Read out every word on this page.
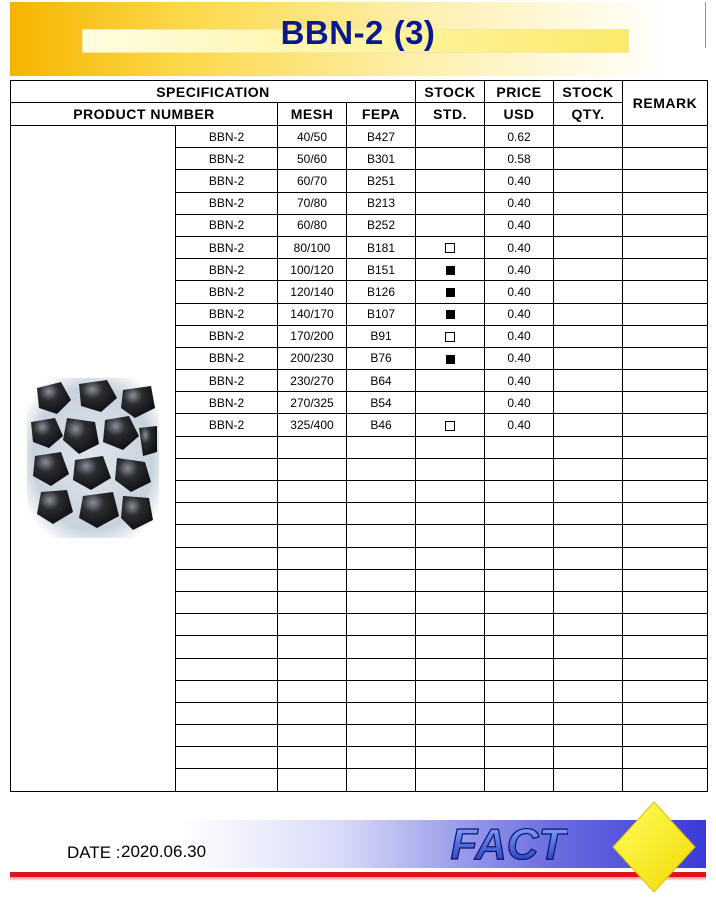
BBN-2 (3)
SPECIFICATION				STOCK	PRICE	STOCK	REMARK
PRODUCT NUMBER		MESH	FEPA	STD.	USD	QTY.	

	BBN-2	40/50	B427		0.62		
	BBN-2	50/60	B301		0.58		
	BBN-2	60/70	B251		0.40		
	BBN-2	70/80	B213		0.40		
	BBN-2	60/80	B252		0.40		
	BBN-2	80/100	B181		0.40		
	BBN-2	100/120	B151		0.40		
	BBN-2	120/140	B126		0.40		
	BBN-2	140/170	B107		0.40		
	BBN-2	170/200	B91		0.40		
	BBN-2	200/230	B76		0.40		
	BBN-2	230/270	B64		0.40		
	BBN-2	270/325	B54		0.40		
	BBN-2	325/400	B46		0.40		

DATE : 2020.06.30	FACT
